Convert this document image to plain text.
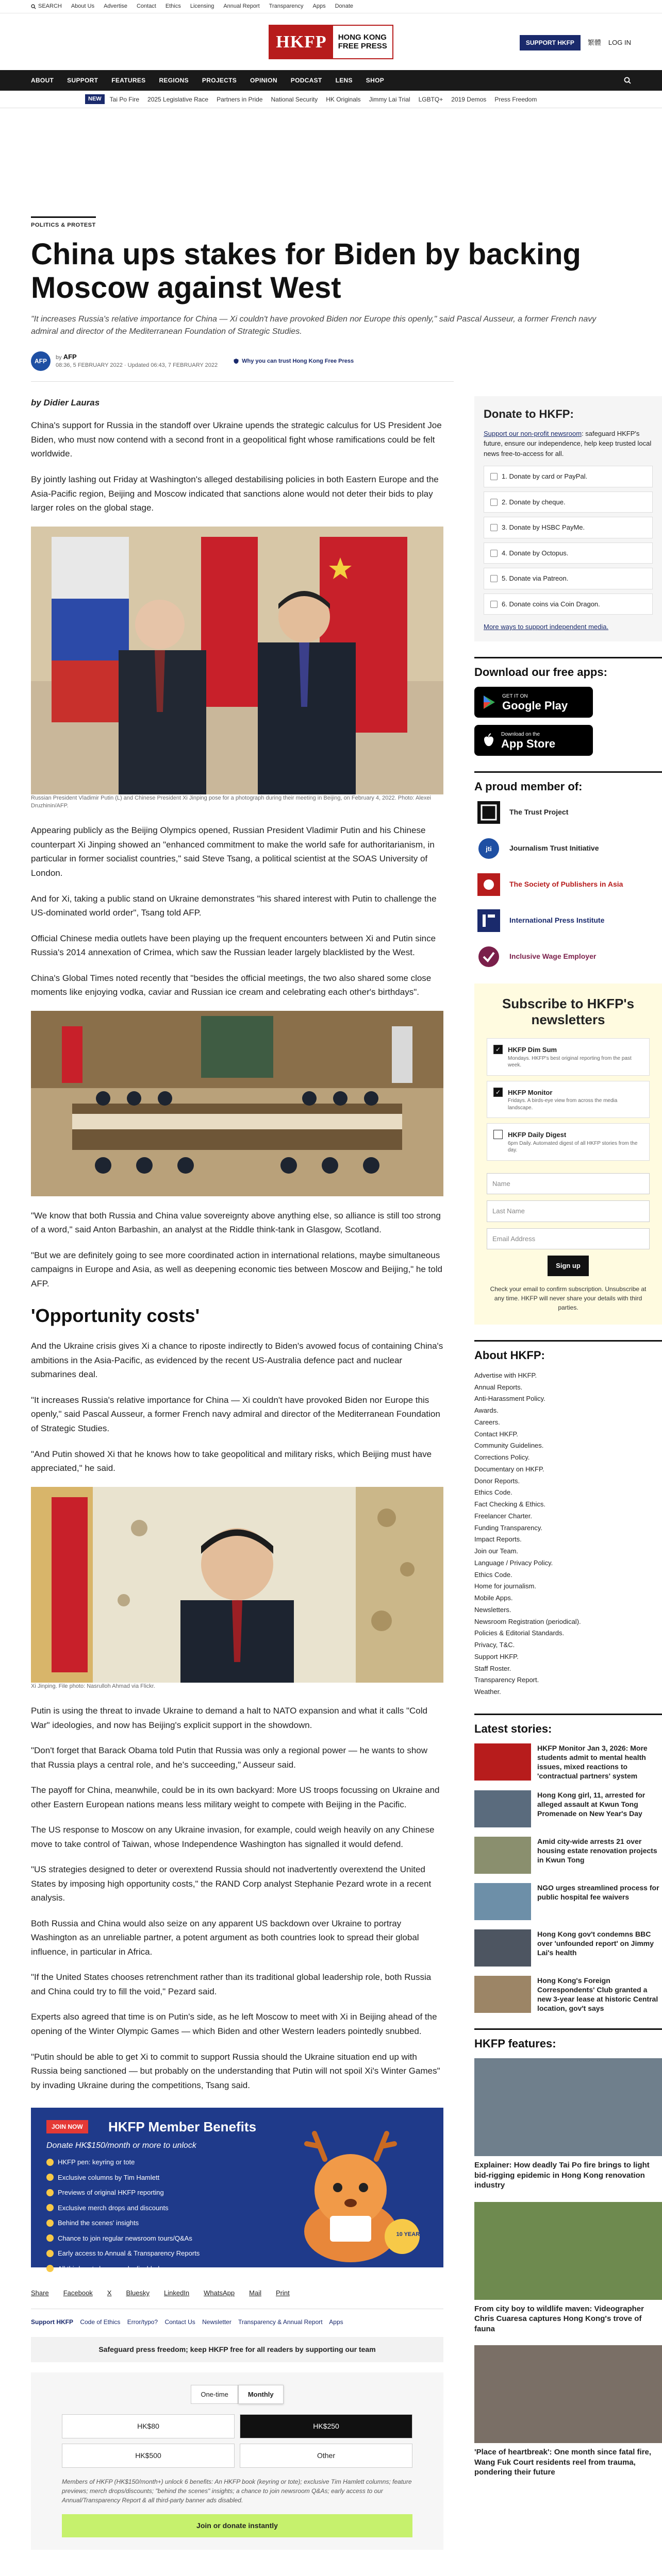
SEARCH About Us Advertise Contact Ethics Licensing Annual Report Transparency Apps Donate
HKFP	HONG KONG
FREE PRESS	SUPPORT HKFP	繁體 LOG IN
ABOUT SUPPORT FEATURES REGIONS PROJECTS OPINION PODCAST LENS SHOP
NEW	Tai Po Fire 2025 Legislative Race Partners in Pride National Security HK Originals Jimmy Lai Trial LGBTQ+ 2019 Demos Press Freedom
POLITICS & PROTEST
China ups stakes for Biden by backing Moscow against West
"It increases Russia's relative importance for China — Xi couldn't have provoked Biden nor Europe this openly," said Pascal Ausseur, a former French navy admiral and director of the Mediterranean Foundation of Strategic Studies.
AFP	by AFP
08:36, 5 FEBRUARY 2022 · Updated 06:43, 7 FEBRUARY 2022
Why you can trust Hong Kong Free Press
by Didier Lauras

China's support for Russia in the standoff over Ukraine upends the strategic calculus for US President Joe Biden, who must now contend with a second front in a geopolitical fight whose ramifications could be felt worldwide.

By jointly lashing out Friday at Washington's alleged destabilising policies in both Eastern Europe and the Asia-Pacific region, Beijing and Moscow indicated that sanctions alone would not deter their bids to play larger roles on the global stage.

Russian President Vladimir Putin (L) and Chinese President Xi Jinping pose for a photograph during their meeting in Beijing, on February 4, 2022. Photo: Alexei Druzhinin/AFP.

Appearing publicly as the Beijing Olympics opened, Russian President Vladimir Putin and his Chinese counterpart Xi Jinping showed an "enhanced commitment to make the world safe for authoritarianism, in particular in former socialist countries," said Steve Tsang, a political scientist at the SOAS University of London.

And for Xi, taking a public stand on Ukraine demonstrates "his shared interest with Putin to challenge the US-dominated world order", Tsang told AFP.

Official Chinese media outlets have been playing up the frequent encounters between Xi and Putin since Russia's 2014 annexation of Crimea, which saw the Russian leader largely blacklisted by the West.

China's Global Times noted recently that "besides the official meetings, the two also shared some close moments like enjoying vodka, caviar and Russian ice cream and celebrating each other's birthdays".

"We know that both Russia and China value sovereignty above anything else, so alliance is still too strong of a word," said Anton Barbashin, an analyst at the Riddle think-tank in Glasgow, Scotland.

"But we are definitely going to see more coordinated action in international relations, maybe simultaneous campaigns in Europe and Asia, as well as deepening economic ties between Moscow and Beijing," he told AFP.

'Opportunity costs'

And the Ukraine crisis gives Xi a chance to riposte indirectly to Biden's avowed focus of containing China's ambitions in the Asia-Pacific, as evidenced by the recent US-Australia defence pact and nuclear submarines deal.

"It increases Russia's relative importance for China — Xi couldn't have provoked Biden nor Europe this openly," said Pascal Ausseur, a former French navy admiral and director of the Mediterranean Foundation of Strategic Studies.

"And Putin showed Xi that he knows how to take geopolitical and military risks, which Beijing must have appreciated," he said.

Xi Jinping. File photo: Nasrulloh Ahmad via Flickr.

Putin is using the threat to invade Ukraine to demand a halt to NATO expansion and what it calls "Cold War" ideologies, and now has Beijing's explicit support in the showdown.

"Don't forget that Barack Obama told Putin that Russia was only a regional power — he wants to show that Russia plays a central role, and he's succeeding," Ausseur said.

The payoff for China, meanwhile, could be in its own backyard: More US troops focussing on Ukraine and other Eastern European nations means less military weight to compete with Beijing in the Pacific.

The US response to Moscow on any Ukraine invasion, for example, could weigh heavily on any Chinese move to take control of Taiwan, whose Independence Washington has signalled it would defend.

"US strategies designed to deter or overextend Russia should not inadvertently overextend the United States by imposing high opportunity costs," the RAND Corp analyst Stephanie Pezard wrote in a recent analysis.

Both Russia and China would also seize on any apparent US backdown over Ukraine to portray Washington as an unreliable partner, a potent argument as both countries look to spread their global influence, in particular in Africa.

"If the United States chooses retrenchment rather than its traditional global leadership role, both Russia and China could try to fill the void," Pezard said.

Experts also agreed that time is on Putin's side, as he left Moscow to meet with Xi in Beijing ahead of the opening of the Winter Olympic Games — which Biden and other Western leaders pointedly snubbed.

"Putin should be able to get Xi to commit to support Russia should the Ukraine situation end up with Russia being sanctioned — but probably on the understanding that Putin will not spoil Xi's Winter Games" by invading Ukraine during the competitions, Tsang said.

JOIN NOW	HKFP Member Benefits
Donate HK$150/month or more to unlock
HKFP pen: keyring or tote
Exclusive columns by Tim Hamlett
Previews of original HKFP reporting
Exclusive merch drops and discounts
Behind the scenes' insights
Chance to join regular newsroom tours/Q&As
Early access to Annual & Transparency Reports
All third-party banner ads disabled
10 YEARS
Share Facebook X Bluesky LinkedIn WhatsApp Mail Print
Support HKFP Code of Ethics Error/typo? Contact Us Newsletter Transparency & Annual Report Apps
Safeguard press freedom; keep HKFP free for all readers by supporting our team
One-time	Monthly
HK$80	HK$250
HK$500	Other
Members of HKFP (HK$150/month+) unlock 6 benefits: An HKFP book (keyring or tote); exclusive Tim Hamlett columns; feature previews; merch drops/discounts; "behind the scenes" insights; a chance to join newsroom Q&As; early access to our Annual/Transparency Report & all third-party banner ads disabled.
Join or donate instantly
Donate to HKFP:
Support our non-profit newsroom: safeguard HKFP's future, ensure our independence, help keep trusted local news free-to-access for all.
1. Donate by card or PayPal.
2. Donate by cheque.
3. Donate by HSBC PayMe.
4. Donate by Octopus.
5. Donate via Patreon.
6. Donate coins via Coin Dragon.
More ways to support independent media.
Download our free apps:
GET IT ON
Google Play
Download on the
App Store
A proud member of:
The Trust Project
jti Journalism Trust Initiative
The Society of Publishers in Asia
International Press Institute
Inclusive Wage Employer
Subscribe to HKFP's newsletters
✓	HKFP Dim Sum
Mondays. HKFP's best original reporting from the past week.
✓	HKFP Monitor
Fridays. A birds-eye view from across the media landscape.
HKFP Daily Digest
6pm Daily. Automated digest of all HKFP stories from the day.
Name
Last Name
Email Address
Sign up
Check your email to confirm subscription. Unsubscribe at any time. HKFP will never share your details with third parties.
About HKFP:
Advertise with HKFP.
Annual Reports.
Anti-Harassment Policy.
Awards.
Careers.
Contact HKFP.
Community Guidelines.
Corrections Policy.
Documentary on HKFP.
Donor Reports.
Ethics Code.
Fact Checking & Ethics.
Freelancer Charter.
Funding Transparency.
Impact Reports.
Join our Team.
Language / Privacy Policy.
Ethics Code.
Home for journalism.
Mobile Apps.
Newsletters.
Newsroom Registration (periodical).
Policies & Editorial Standards.
Privacy, T&C.
Support HKFP.
Staff Roster.
Transparency Report.
Weather.
Latest stories:
HKFP Monitor Jan 3, 2026: More students admit to mental health issues, mixed reactions to 'contractual partners' system
Hong Kong girl, 11, arrested for alleged assault at Kwun Tong Promenade on New Year's Day
Amid city-wide arrests 21 over housing estate renovation projects in Kwun Tong
NGO urges streamlined process for public hospital fee waivers
Hong Kong gov't condemns BBC over 'unfounded report' on Jimmy Lai's health
Hong Kong's Foreign Correspondents' Club granted a new 3-year lease at historic Central location, gov't says
HKFP features:
Explainer: How deadly Tai Po fire brings to light bid-rigging epidemic in Hong Kong renovation industry
From city boy to wildlife maven: Videographer Chris Cuaresa captures Hong Kong's trove of fauna
'Place of heartbreak': One month since fatal fire, Wang Fuk Court residents reel from trauma, pondering their future
